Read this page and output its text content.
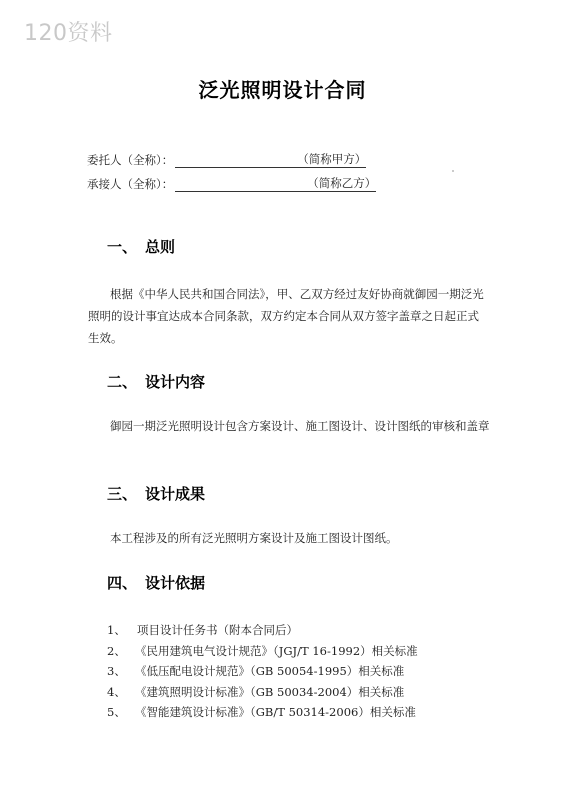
120资料
泛光照明设计合同
委托人（全称）：	（简称甲方）
承接人（全称）：	（简称乙方）
一、 总则
根据《中华人民共和国合同法》，甲、乙双方经过友好协商就御园一期泛光照明的设计事宜达成本合同条款，双方约定本合同从双方签字盖章之日起正式生效。
二、 设计内容
御园一期泛光照明设计包含方案设计、施工图设计、设计图纸的审核和盖章
三、 设计成果
本工程涉及的所有泛光照明方案设计及施工图设计图纸。
四、 设计依据
1、 项目设计任务书（附本合同后）
2、 《民用建筑电气设计规范》（JGJ/T 16-1992）相关标准
3、 《低压配电设计规范》（GB 50054-1995）相关标准
4、 《建筑照明设计标准》（GB 50034-2004）相关标准
5、 《智能建筑设计标准》（GB/T 50314-2006）相关标准
